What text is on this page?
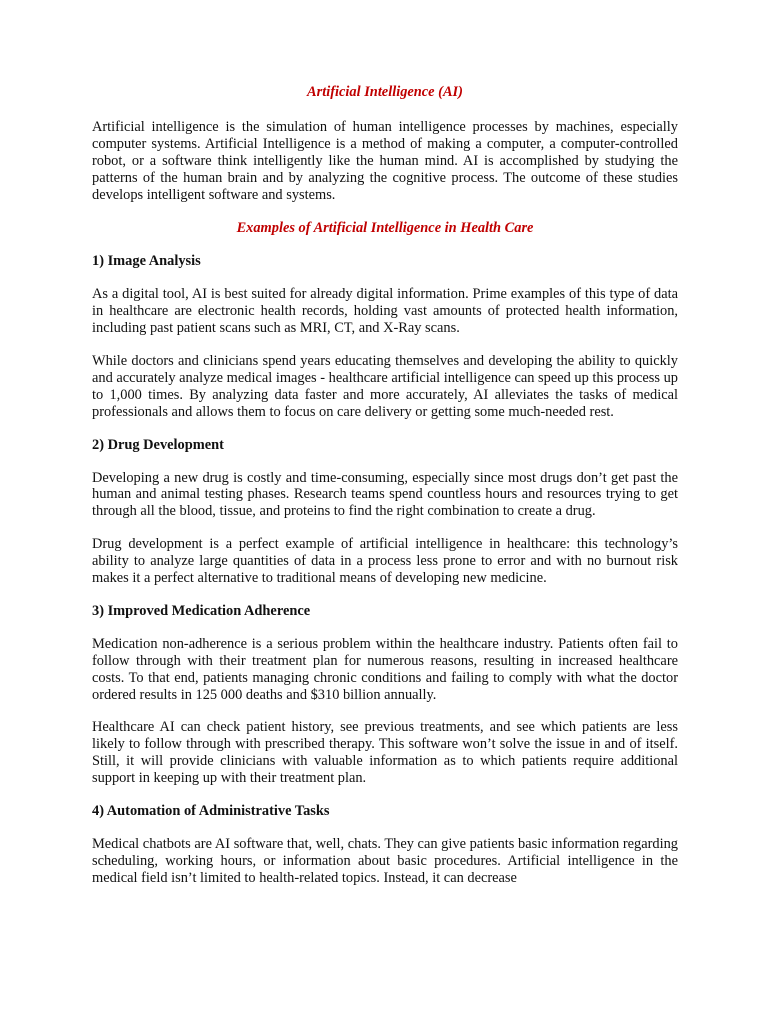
Artificial Intelligence (AI)

Artificial intelligence is the simulation of human intelligence processes by machines, especially computer systems. Artificial Intelligence is a method of making a computer, a computer-controlled robot, or a software think intelligently like the human mind. AI is accomplished by studying the patterns of the human brain and by analyzing the cognitive process. The outcome of these studies develops intelligent software and systems.

Examples of Artificial Intelligence in Health Care
1) Image Analysis

As a digital tool, AI is best suited for already digital information. Prime examples of this type of data in healthcare are electronic health records, holding vast amounts of protected health information, including past patient scans such as MRI, CT, and X-Ray scans.

While doctors and clinicians spend years educating themselves and developing the ability to quickly and accurately analyze medical images - healthcare artificial intelligence can speed up this process up to 1,000 times. By analyzing data faster and more accurately, AI alleviates the tasks of medical professionals and allows them to focus on care delivery or getting some much-needed rest.

2) Drug Development

Developing a new drug is costly and time-consuming, especially since most drugs don’t get past the human and animal testing phases. Research teams spend countless hours and resources trying to get through all the blood, tissue, and proteins to find the right combination to create a drug.

Drug development is a perfect example of artificial intelligence in healthcare: this technology’s ability to analyze large quantities of data in a process less prone to error and with no burnout risk makes it a perfect alternative to traditional means of developing new medicine.

3) Improved Medication Adherence

Medication non-adherence is a serious problem within the healthcare industry. Patients often fail to follow through with their treatment plan for numerous reasons, resulting in increased healthcare costs. To that end, patients managing chronic conditions and failing to comply with what the doctor ordered results in 125 000 deaths and $310 billion annually.

Healthcare AI can check patient history, see previous treatments, and see which patients are less likely to follow through with prescribed therapy. This software won’t solve the issue in and of itself. Still, it will provide clinicians with valuable information as to which patients require additional support in keeping up with their treatment plan.

4) Automation of Administrative Tasks

Medical chatbots are AI software that, well, chats. They can give patients basic information regarding scheduling, working hours, or information about basic procedures. Artificial intelligence in the medical field isn’t limited to health-related topics. Instead, it can decrease
